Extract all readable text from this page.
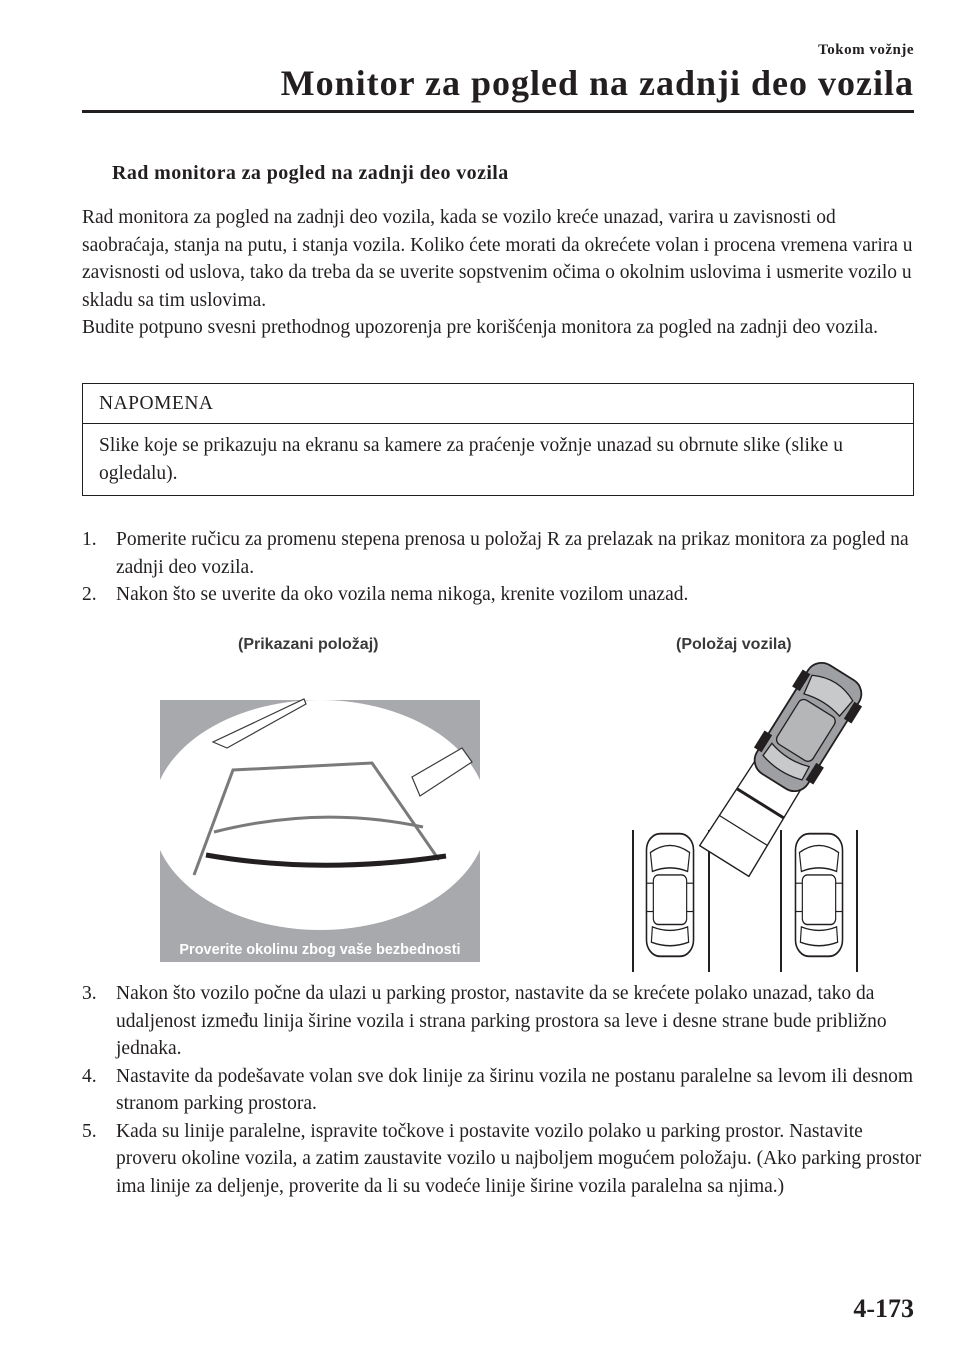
Tokom vožnje
Monitor za pogled na zadnji deo vozila
Rad monitora za pogled na zadnji deo vozila

Rad monitora za pogled na zadnji deo vozila, kada se vozilo kreće unazad, varira u zavisnosti od saobraćaja, stanja na putu, i stanja vozila. Koliko ćete morati da okrećete volan i procena vremena varira u zavisnosti od uslova, tako da treba da se uverite sopstvenim očima o okolnim uslovima i usmerite vozilo u skladu sa tim uslovima.

Budite potpuno svesni prethodnog upozorenja pre korišćenja monitora za pogled na zadnji deo vozila.

NAPOMENA
Slike koje se prikazuju na ekranu sa kamere za praćenje vožnje unazad su obrnute slike (slike u ogledalu).
1. Pomerite ručicu za promenu stepena prenosa u položaj R za prelazak na prikaz monitora za pogled na zadnji deo vozila.
2. Nakon što se uverite da oko vozila nema nikoga, krenite vozilom unazad.
(Prikazani položaj)	(Položaj vozila)
Proverite okolinu zbog vaše bezbednosti
3. Nakon što vozilo počne da ulazi u parking prostor, nastavite da se krećete polako unazad, tako da udaljenost između linija širine vozila i strana parking prostora sa leve i desne strane bude približno jednaka.
4. Nastavite da podešavate volan sve dok linije za širinu vozila ne postanu paralelne sa levom ili desnom stranom parking prostora.
5. Kada su linije paralelne, ispravite točkove i postavite vozilo polako u parking prostor. Nastavite proveru okoline vozila, a zatim zaustavite vozilo u najboljem mogućem položaju. (Ako parking prostor ima linije za deljenje, proverite da li su vodeće linije širine vozila paralelna sa njima.)
4-173
